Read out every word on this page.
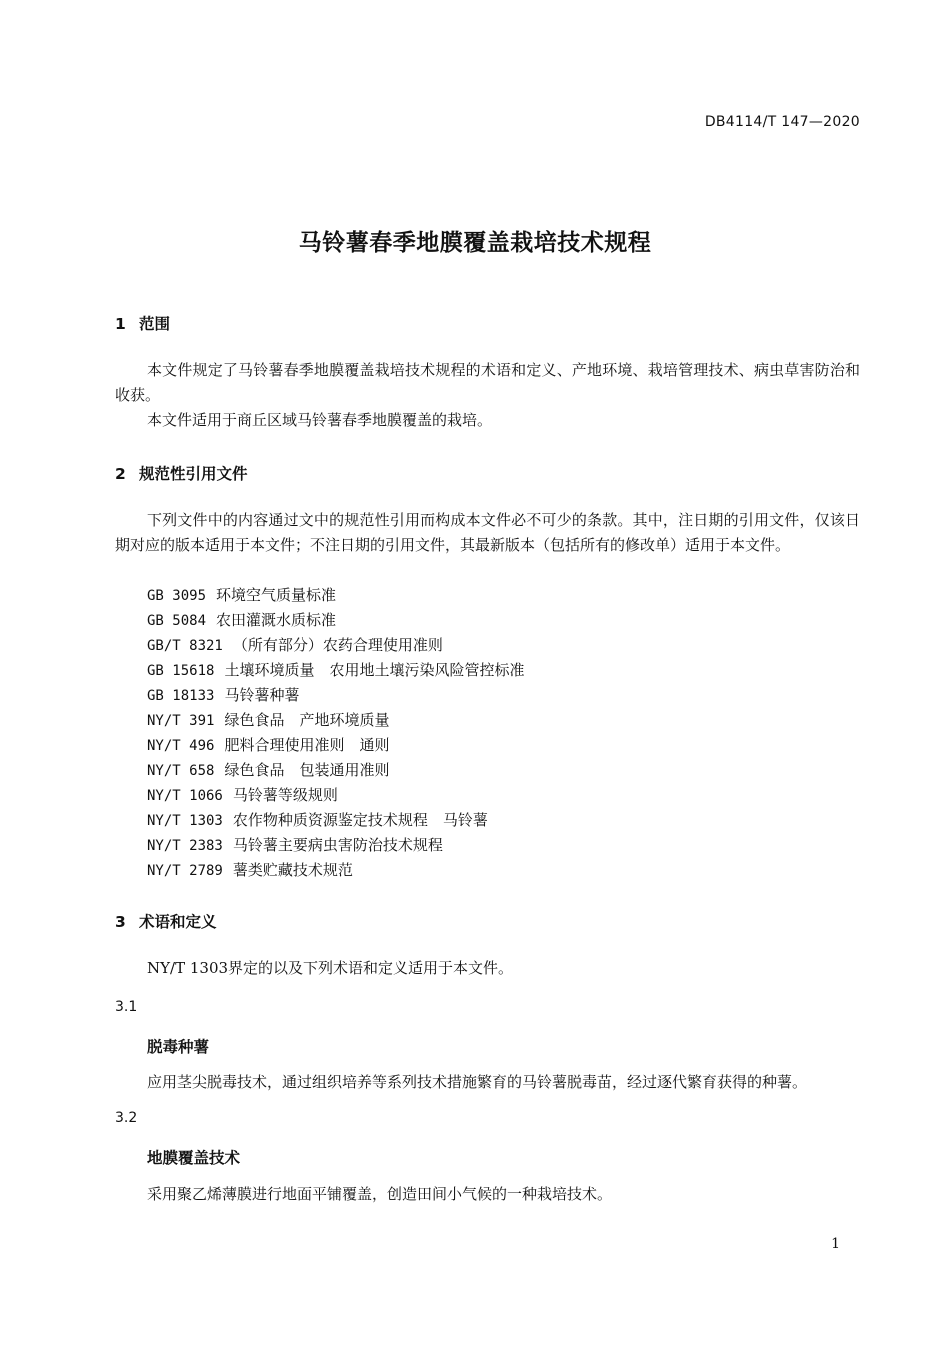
DB4114/T 147—2020
马铃薯春季地膜覆盖栽培技术规程
1 范围

本文件规定了马铃薯春季地膜覆盖栽培技术规程的术语和定义、产地环境、栽培管理技术、病虫草害防治和收获。

本文件适用于商丘区域马铃薯春季地膜覆盖的栽培。

2 规范性引用文件

下列文件中的内容通过文中的规范性引用而构成本文件必不可少的条款。其中，注日期的引用文件，仅该日期对应的版本适用于本文件；不注日期的引用文件，其最新版本（包括所有的修改单）适用于本文件。

GB 3095 环境空气质量标准
GB 5084 农田灌溉水质标准
GB/T 8321 （所有部分）农药合理使用准则
GB 15618 土壤环境质量　农用地土壤污染风险管控标准
GB 18133 马铃薯种薯
NY/T 391 绿色食品　产地环境质量
NY/T 496 肥料合理使用准则　通则
NY/T 658 绿色食品　包装通用准则
NY/T 1066 马铃薯等级规则
NY/T 1303 农作物种质资源鉴定技术规程　马铃薯
NY/T 2383 马铃薯主要病虫害防治技术规程
NY/T 2789 薯类贮藏技术规范
3 术语和定义
NY/T 1303界定的以及下列术语和定义适用于本文件。
3.1
脱毒种薯
应用茎尖脱毒技术，通过组织培养等系列技术措施繁育的马铃薯脱毒苗，经过逐代繁育获得的种薯。
3.2
地膜覆盖技术
采用聚乙烯薄膜进行地面平铺覆盖，创造田间小气候的一种栽培技术。
1
